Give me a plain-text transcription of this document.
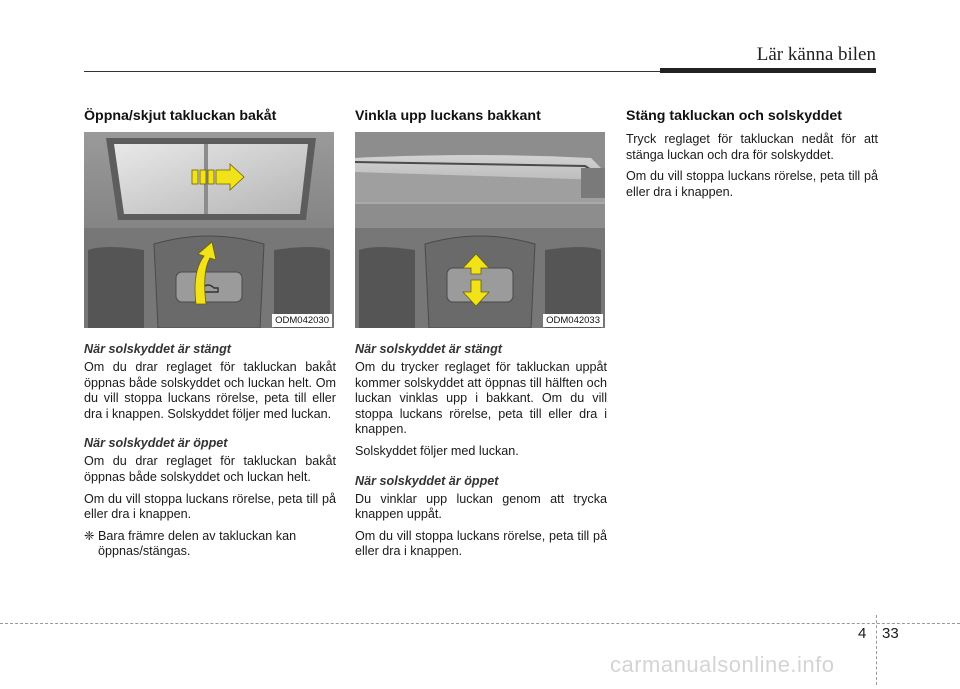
Lär känna bilen
Öppna/skjut takluckan bakåt
ODM042030
När solskyddet är stängt

Om du drar reglaget för takluckan bakåt öppnas både solskyddet och luckan helt. Om du vill stoppa luckans rörelse, peta till eller dra i knappen. Solskyddet följer med luckan.

När solskyddet är öppet

Om du drar reglaget för takluckan bakåt öppnas både solskyddet och luckan helt.

Om du vill stoppa luckans rörelse, peta till på eller dra i knappen.

❈ Bara främre delen av takluckan kan öppnas/stängas.
Vinkla upp luckans bakkant
ODM042033
När solskyddet är stängt

Om du trycker reglaget för takluckan uppåt kommer solskyddet att öppnas till hälften och luckan vinklas upp i bakkant. Om du vill stoppa luckans rörelse, peta till eller dra i knappen.

Solskyddet följer med luckan.

När solskyddet är öppet

Du vinklar upp luckan genom att trycka knappen uppåt.

Om du vill stoppa luckans rörelse, peta till på eller dra i knappen.

Stäng takluckan och solskyddet

Tryck reglaget för takluckan nedåt för att stänga luckan och dra för solskyddet.

Om du vill stoppa luckans rörelse, peta till på eller dra i knappen.

4 33
carmanualsonline.info
